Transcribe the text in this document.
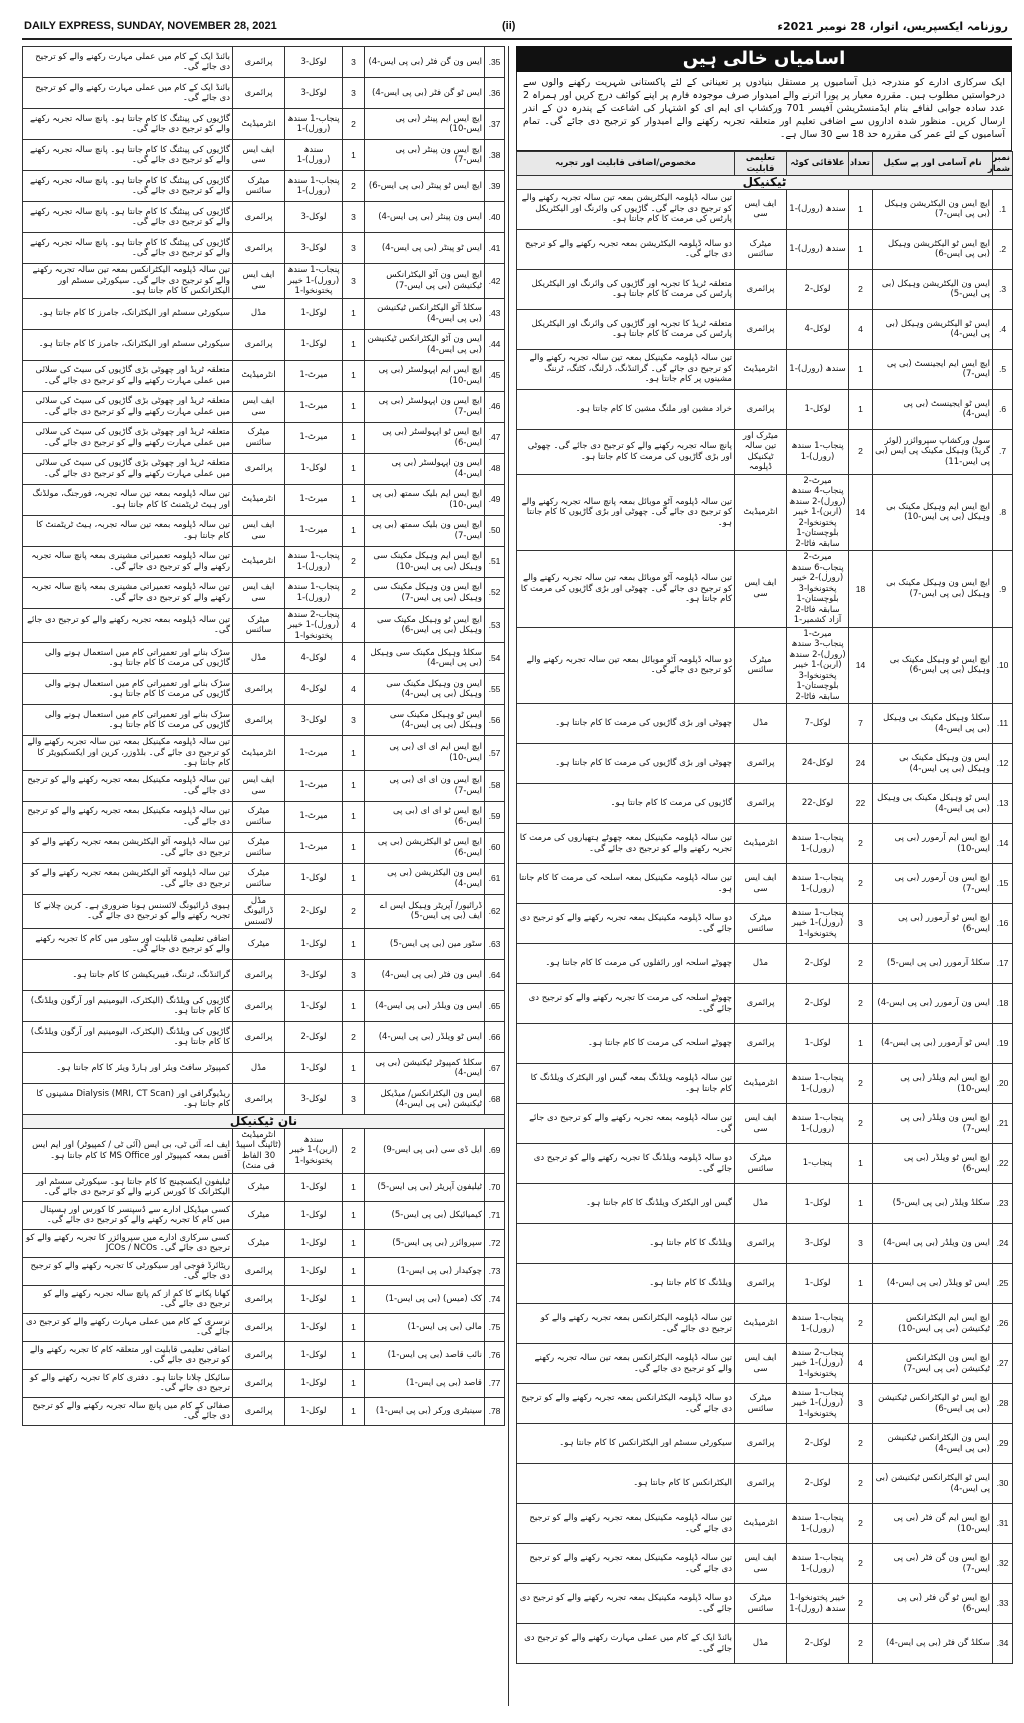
DAILY EXPRESS, SUNDAY, NOVEMBER 28, 2021	(ii)	روزنامہ ایکسپریس، اتوار، 28 نومبر 2021ء
35.	ایس ون گن فٹر (بی پی ایس-4)	3	لوکل-3	پرائمری	بائنڈ ایک کے کام میں عملی مہارت رکھنے والے کو ترجیح دی جائے گی۔
36.	ایس ٹو گن فٹر (بی پی ایس-4)	3	لوکل-3	پرائمری	بائنڈ ایک کے کام میں عملی مہارت رکھنے والے کو ترجیح دی جائے گی۔
37.	ایچ ایس ایم پینٹر (بی پی ایس-10)	2	پنجاب-1 سندھ (رورل)-1	انٹرمیڈیٹ	گاڑیوں کی پینٹنگ کا کام جانتا ہو۔ پانچ سالہ تجربہ رکھنے والے کو ترجیح دی جائے گی۔
38.	ایچ ایس ون پینٹر (بی پی ایس-7)	1	سندھ (رورل)-1	ایف ایس سی	گاڑیوں کی پینٹنگ کا کام جانتا ہو۔ پانچ سالہ تجربہ رکھنے والے کو ترجیح دی جائے گی۔
39.	ایچ ایس ٹو پینٹر (بی پی ایس-6)	2	پنجاب-1 سندھ (رورل)-1	میٹرک سائنس	گاڑیوں کی پینٹنگ کا کام جانتا ہو۔ پانچ سالہ تجربہ رکھنے والے کو ترجیح دی جائے گی۔
40.	ایس ون پینٹر (بی پی ایس-4)	3	لوکل-3	پرائمری	گاڑیوں کی پینٹنگ کا کام جانتا ہو۔ پانچ سالہ تجربہ رکھنے والے کو ترجیح دی جائے گی۔
41.	ایس ٹو پینٹر (بی پی ایس-4)	3	لوکل-3	پرائمری	گاڑیوں کی پینٹنگ کا کام جانتا ہو۔ پانچ سالہ تجربہ رکھنے والے کو ترجیح دی جائے گی۔
42.	ایچ ایس ون آٹو الیکٹرانکس ٹیکنیشن (بی پی ایس-7)	3	پنجاب-1 سندھ (رورل)-1 خیبر پختونخوا-1	ایف ایس سی	تین سالہ ڈپلومہ الیکٹرانکس بمعہ تین سالہ تجربہ رکھنے والے کو ترجیح دی جائے گی۔ سیکورٹی سسٹم اور الیکٹرانکس کا کام جانتا ہو۔
43.	سکلڈ آٹو الیکٹرانکس ٹیکنیشن (بی پی ایس-4)	1	لوکل-1	مڈل	سیکورٹی سسٹم اور الیکٹرانک، جامرز کا کام جانتا ہو۔
44.	ایس ون آٹو الیکٹرانکس ٹیکنیشن (بی پی ایس-4)	1	لوکل-1	پرائمری	سیکورٹی سسٹم اور الیکٹرانک، جامرز کا کام جانتا ہو۔
45.	ایچ ایس ایم اپہولسٹر (بی پی ایس-10)	1	میرٹ-1	انٹرمیڈیٹ	متعلقہ ٹریڈ اور چھوٹی بڑی گاڑیوں کی سیٹ کی سلائی میں عملی مہارت رکھنے والے کو ترجیح دی جائے گی۔
46.	ایچ ایس ون اپہولسٹر (بی پی ایس-7)	1	میرٹ-1	ایف ایس سی	متعلقہ ٹریڈ اور چھوٹی بڑی گاڑیوں کی سیٹ کی سلائی میں عملی مہارت رکھنے والے کو ترجیح دی جائے گی۔
47.	ایچ ایس ٹو اپہولسٹر (بی پی ایس-6)	1	میرٹ-1	میٹرک سائنس	متعلقہ ٹریڈ اور چھوٹی بڑی گاڑیوں کی سیٹ کی سلائی میں عملی مہارت رکھنے والے کو ترجیح دی جائے گی۔
48.	ایس ون اپہولسٹر (بی پی ایس-4)	1	لوکل-1	پرائمری	متعلقہ ٹریڈ اور چھوٹی بڑی گاڑیوں کی سیٹ کی سلائی میں عملی مہارت رکھنے والے کو ترجیح دی جائے گی۔
49.	ایچ ایس ایم بلیک سمتھ (بی پی ایس-10)	1	میرٹ-1	انٹرمیڈیٹ	تین سالہ ڈپلومہ بمعہ تین سالہ تجربہ، فورجنگ، مولڈنگ اور ہیٹ ٹریٹمنٹ کا کام جانتا ہو۔
50.	ایچ ایس ون بلیک سمتھ (بی پی ایس-7)	1	میرٹ-1	ایف ایس سی	تین سالہ ڈپلومہ بمعہ تین سالہ تجربہ، ہیٹ ٹریٹمنٹ کا کام جانتا ہو۔
51.	ایچ ایس ایم وہیکل مکینک سی وہیکل (بی پی ایس-10)	2	پنجاب-1 سندھ (رورل)-1	انٹرمیڈیٹ	تین سالہ ڈپلومہ تعمیراتی مشینری بمعہ پانچ سالہ تجربہ رکھنے والے کو ترجیح دی جائے گی۔
52.	ایچ ایس ون وہیکل مکینک سی وہیکل (بی پی ایس-7)	2	پنجاب-1 سندھ (رورل)-1	ایف ایس سی	تین سالہ ڈپلومہ تعمیراتی مشینری بمعہ پانچ سالہ تجربہ رکھنے والے کو ترجیح دی جائے گی۔
53.	ایچ ایس ٹو وہیکل مکینک سی وہیکل (بی پی ایس-6)	4	پنجاب-2 سندھ (رورل)-1 خیبر پختونخوا-1	میٹرک سائنس	تین سالہ ڈپلومہ بمعہ تجربہ رکھنے والے کو ترجیح دی جائے گی۔
54.	سکلڈ وہیکل مکینک سی وہیکل (بی پی ایس-4)	4	لوکل-4	مڈل	سڑک بنانے اور تعمیراتی کام میں استعمال ہونے والی گاڑیوں کی مرمت کا کام جانتا ہو۔
55.	ایس ون وہیکل مکینک سی وہیکل (بی پی ایس-4)	4	لوکل-4	پرائمری	سڑک بنانے اور تعمیراتی کام میں استعمال ہونے والی گاڑیوں کی مرمت کا کام جانتا ہو۔
56.	ایس ٹو وہیکل مکینک سی وہیکل (بی پی ایس-4)	3	لوکل-3	پرائمری	سڑک بنانے اور تعمیراتی کام میں استعمال ہونے والی گاڑیوں کی مرمت کا کام جانتا ہو۔
57.	ایچ ایس ایم ای ای (بی پی ایس-10)	1	میرٹ-1	انٹرمیڈیٹ	تین سالہ ڈپلومہ مکینیکل بمعہ تین سالہ تجربہ رکھنے والے کو ترجیح دی جائے گی۔ بلڈوزر، کرین اور ایکسکیویٹر کا کام جانتا ہو۔
58.	ایچ ایس ون ای ای (بی پی ایس-7)	1	میرٹ-1	ایف ایس سی	تین سالہ ڈپلومہ مکینیکل بمعہ تجربہ رکھنے والے کو ترجیح دی جائے گی۔
59.	ایچ ایس ٹو ای ای (بی پی ایس-6)	1	میرٹ-1	میٹرک سائنس	تین سالہ ڈپلومہ مکینیکل بمعہ تجربہ رکھنے والے کو ترجیح دی جائے گی۔
60.	ایچ ایس ٹو الیکٹریشن (بی پی ایس-6)	1	میرٹ-1	میٹرک سائنس	تین سالہ ڈپلومہ آٹو الیکٹریشن بمعہ تجربہ رکھنے والے کو ترجیح دی جائے گی۔
61.	ایس ون الیکٹریشن (بی پی ایس-4)	1	لوکل-1	میٹرک سائنس	تین سالہ ڈپلومہ آٹو الیکٹریشن بمعہ تجربہ رکھنے والے کو ترجیح دی جائے گی۔
62.	ڈرائیور/ آپریٹر وہیکل ایس اے ایف (بی پی ایس-5)	2	لوکل-2	مڈل ڈرائیونگ لائسنس	ہیوی ڈرائیونگ لائسنس ہونا ضروری ہے۔ کرین چلانے کا تجربہ رکھنے والے کو ترجیح دی جائے گی۔
63.	سٹور مین (بی پی ایس-5)	1	لوکل-1	میٹرک	اضافی تعلیمی قابلیت اور سٹور میں کام کا تجربہ رکھنے والے کو ترجیح دی جائے گی۔
64.	ایس ون فٹر (بی پی ایس-4)	3	لوکل-3	پرائمری	گرائنڈنگ، ٹرننگ، فیبریکیشن کا کام جانتا ہو۔
65.	ایس ون ویلڈر (بی پی ایس-4)	1	لوکل-1	پرائمری	گاڑیوں کی ویلڈنگ (الیکٹرک، الیومینیم اور آرگون ویلڈنگ) کا کام جانتا ہو۔
66.	ایس ٹو ویلڈر (بی پی ایس-4)	2	لوکل-2	پرائمری	گاڑیوں کی ویلڈنگ (الیکٹرک، الیومینیم اور آرگون ویلڈنگ) کا کام جانتا ہو۔
67.	سکلڈ کمپیوٹر ٹیکنیشن (بی پی ایس-4)	1	لوکل-1	مڈل	کمپیوٹر سافٹ ویئر اور ہارڈ ویئر کا کام جانتا ہو۔
68.	ایس ون الیکٹرانکس/ میڈیکل ٹیکنیشن (بی پی ایس-4)	3	لوکل-3	پرائمری	ریڈیوگرافی اور Dialysis (MRI, CT Scan) مشینوں کا کام جانتا ہو۔
نان ٹیکنیکل					
69.	ایل ڈی سی (بی پی ایس-9)	2	سندھ (اربن)-1 خیبر پختونخوا-1	انٹرمیڈیٹ (ٹائپنگ اسپیڈ 30 الفاظ فی منٹ)	ایف اے، آئی ٹی، بی ایس (آئی ٹی / کمپیوٹر) اور ایم ایس آفس بمعہ کمپیوٹر اور MS Office کا کام جانتا ہو۔
70.	ٹیلیفون آپریٹر (بی پی ایس-5)	1	لوکل-1	میٹرک	ٹیلیفون ایکسچینج کا کام جانتا ہو۔ سیکورٹی سسٹم اور الیکٹرانک کا کورس کرنے والے کو ترجیح دی جائے گی۔
71.	کیمیائیکل (بی پی ایس-5)	1	لوکل-1	میٹرک	کسی میڈیکل ادارے سے ڈسپنسر کا کورس اور ہسپتال میں کام کا تجربہ رکھنے والے کو ترجیح دی جائے گی۔
72.	سپروائزر (بی پی ایس-5)	1	لوکل-1	میٹرک	کسی سرکاری ادارے میں سپروائزر کا تجربہ رکھنے والے کو ترجیح دی جائے گی۔ JCOs / NCOs
73.	چوکیدار (بی پی ایس-1)	1	لوکل-1	پرائمری	ریٹائرڈ فوجی اور سیکورٹی کا تجربہ رکھنے والے کو ترجیح دی جائے گی۔
74.	کک (میس) (بی پی ایس-1)	1	لوکل-1	پرائمری	کھانا پکانے کا کم از کم پانچ سالہ تجربہ رکھنے والے کو ترجیح دی جائے گی۔
75.	مالی (بی پی ایس-1)	1	لوکل-1	پرائمری	نرسری کے کام میں عملی مہارت رکھنے والے کو ترجیح دی جائے گی۔
76.	نائب قاصد (بی پی ایس-1)	1	لوکل-1	پرائمری	اضافی تعلیمی قابلیت اور متعلقہ کام کا تجربہ رکھنے والے کو ترجیح دی جائے گی۔
77.	قاصد (بی پی ایس-1)	1	لوکل-1	پرائمری	سائیکل چلانا جانتا ہو۔ دفتری کام کا تجربہ رکھنے والے کو ترجیح دی جائے گی۔
78.	سینیٹری ورکر (بی پی ایس-1)	1	لوکل-1	پرائمری	صفائی کے کام میں پانچ سالہ تجربہ رکھنے والے کو ترجیح دی جائے گی۔
اسامیاں خالی ہیں
ایک سرکاری ادارے کو مندرجہ ذیل آسامیوں پر مستقل بنیادوں پر تعیناتی کے لئے پاکستانی شہریت رکھنے والوں سے درخواستیں مطلوب ہیں۔ مقررہ معیار پر پورا اترنے والے امیدوار صرف موجودہ فارم پر اپنے کوائف درج کریں اور ہمراہ 2 عدد سادہ جوابی لفافے بنام ایڈمنسٹریشن آفیسر 701 ورکشاپ ای ایم ای کو اشتہار کی اشاعت کے پندرہ دن کے اندر ارسال کریں۔ منظور شدہ اداروں سے اضافی تعلیم اور متعلقہ تجربہ رکھنے والے امیدوار کو ترجیح دی جائے گی۔ تمام آسامیوں کے لئے عمر کی مقررہ حد 18 سے 30 سال ہے۔
نمبر شمار	نام آسامی اور پے سکیل	تعداد	علاقائی کوٹہ	تعلیمی قابلیت	مخصوص/اضافی قابلیت اور تجربہ
ٹیکنیکل					
1.	ایچ ایس ون الیکٹریشن وہیکل (بی پی ایس-7)	1	سندھ (رورل)-1	ایف ایس سی	تین سالہ ڈپلومہ الیکٹریشن بمعہ تین سالہ تجربہ رکھنے والے کو ترجیح دی جائے گی۔ گاڑیوں کی وائرنگ اور الیکٹریکل پارٹس کی مرمت کا کام جانتا ہو۔
2.	ایچ ایس ٹو الیکٹریشن وہیکل (بی پی ایس-6)	1	سندھ (رورل)-1	میٹرک سائنس	دو سالہ ڈپلومہ الیکٹریشن بمعہ تجربہ رکھنے والے کو ترجیح دی جائے گی۔
3.	ایس ون الیکٹریشن وہیکل (بی پی ایس-5)	2	لوکل-2	پرائمری	متعلقہ ٹریڈ کا تجربہ اور گاڑیوں کی وائرنگ اور الیکٹریکل پارٹس کی مرمت کا کام جانتا ہو۔
4.	ایس ٹو الیکٹریشن وہیکل (بی پی ایس-4)	4	لوکل-4	پرائمری	متعلقہ ٹریڈ کا تجربہ اور گاڑیوں کی وائرنگ اور الیکٹریکل پارٹس کی مرمت کا کام جانتا ہو۔
5.	ایچ ایس ایم ایجینسٹ (بی پی ایس-7)	1	سندھ (رورل)-1	انٹرمیڈیٹ	تین سالہ ڈپلومہ مکینیکل بمعہ تین سالہ تجربہ رکھنے والے کو ترجیح دی جائے گی۔ گرائنڈنگ، ڈرلنگ، کٹنگ، ٹرننگ مشینوں پر کام جانتا ہو۔
6.	ایس ٹو ایجینسٹ (بی پی ایس-4)	1	لوکل-1	پرائمری	خراد مشین اور ملنگ مشین کا کام جانتا ہو۔
7.	سول ورکشاپ سپروائزر (لوئر گریڈ) وہیکل مکینک پی ایس (بی پی ایس-11)	2	پنجاب-1 سندھ (رورل)-1	میٹرک اور تین سالہ ٹیکنیکل ڈپلومہ	پانچ سالہ تجربہ رکھنے والے کو ترجیح دی جائے گی۔ چھوٹی اور بڑی گاڑیوں کی مرمت کا کام جانتا ہو۔
8.	ایچ ایس ایم وہیکل مکینک بی وہیکل (بی پی ایس-10)	14	میرٹ-2 پنجاب-4 سندھ (رورل)-2 سندھ (اربن)-1 خیبر پختونخوا-2 بلوچستان-1 سابقہ فاٹا-2	انٹرمیڈیٹ	تین سالہ ڈپلومہ آٹو موبائل بمعہ پانچ سالہ تجربہ رکھنے والے کو ترجیح دی جائے گی۔ چھوٹی اور بڑی گاڑیوں کا کام جانتا ہو۔
9.	ایچ ایس ون وہیکل مکینک بی وہیکل (بی پی ایس-7)	18	میرٹ-2 پنجاب-6 سندھ (رورل)-2 خیبر پختونخوا-3 بلوچستان-1 سابقہ فاٹا-2 آزاد کشمیر-1	ایف ایس سی	تین سالہ ڈپلومہ آٹو موبائل بمعہ تین سالہ تجربہ رکھنے والے کو ترجیح دی جائے گی۔ چھوٹی اور بڑی گاڑیوں کی مرمت کا کام جانتا ہو۔
10.	ایچ ایس ٹو وہیکل مکینک بی وہیکل (بی پی ایس-6)	14	میرٹ-1 پنجاب-3 سندھ (رورل)-2 سندھ (اربن)-1 خیبر پختونخوا-3 بلوچستان-1 سابقہ فاٹا-2	میٹرک سائنس	دو سالہ ڈپلومہ آٹو موبائل بمعہ تین سالہ تجربہ رکھنے والے کو ترجیح دی جائے گی۔
11.	سکلڈ وہیکل مکینک بی وہیکل (بی پی ایس-4)	7	لوکل-7	مڈل	چھوٹی اور بڑی گاڑیوں کی مرمت کا کام جانتا ہو۔
12.	ایس ون وہیکل مکینک بی وہیکل (بی پی ایس-4)	24	لوکل-24	پرائمری	چھوٹی اور بڑی گاڑیوں کی مرمت کا کام جانتا ہو۔
13.	ایس ٹو وہیکل مکینک بی وہیکل (بی پی ایس-4)	22	لوکل-22	پرائمری	گاڑیوں کی مرمت کا کام جانتا ہو۔
14.	ایچ ایس ایم آرمورر (بی پی ایس-10)	2	پنجاب-1 سندھ (رورل)-1	انٹرمیڈیٹ	تین سالہ ڈپلومہ مکینیکل بمعہ چھوٹے ہتھیاروں کی مرمت کا تجربہ رکھنے والے کو ترجیح دی جائے گی۔
15.	ایچ ایس ون آرمورر (بی پی ایس-7)	2	پنجاب-1 سندھ (رورل)-1	ایف ایس سی	تین سالہ ڈپلومہ مکینیکل بمعہ اسلحہ کی مرمت کا کام جانتا ہو۔
16.	ایچ ایس ٹو آرمورر (بی پی ایس-6)	3	پنجاب-1 سندھ (رورل)-1 خیبر پختونخوا-1	میٹرک سائنس	دو سالہ ڈپلومہ مکینیکل بمعہ تجربہ رکھنے والے کو ترجیح دی جائے گی۔
17.	سکلڈ آرمورر (بی پی ایس-5)	2	لوکل-2	مڈل	چھوٹے اسلحہ اور رائفلوں کی مرمت کا کام جانتا ہو۔
18.	ایس ون آرمورر (بی پی ایس-4)	2	لوکل-2	پرائمری	چھوٹے اسلحہ کی مرمت کا تجربہ رکھنے والے کو ترجیح دی جائے گی۔
19.	ایس ٹو آرمورر (بی پی ایس-4)	1	لوکل-1	پرائمری	چھوٹے اسلحہ کی مرمت کا کام جانتا ہو۔
20.	ایچ ایس ایم ویلڈر (بی پی ایس-10)	2	پنجاب-1 سندھ (رورل)-1	انٹرمیڈیٹ	تین سالہ ڈپلومہ ویلڈنگ بمعہ گیس اور الیکٹرک ویلڈنگ کا کام جانتا ہو۔
21.	ایچ ایس ون ویلڈر (بی پی ایس-7)	2	پنجاب-1 سندھ (رورل)-1	ایف ایس سی	تین سالہ ڈپلومہ بمعہ تجربہ رکھنے والے کو ترجیح دی جائے گی۔
22.	ایچ ایس ٹو ویلڈر (بی پی ایس-6)	1	پنجاب-1	میٹرک سائنس	دو سالہ ڈپلومہ ویلڈنگ کا تجربہ رکھنے والے کو ترجیح دی جائے گی۔
23.	سکلڈ ویلڈر (بی پی ایس-5)	1	لوکل-1	مڈل	گیس اور الیکٹرک ویلڈنگ کا کام جانتا ہو۔
24.	ایس ون ویلڈر (بی پی ایس-4)	3	لوکل-3	پرائمری	ویلڈنگ کا کام جانتا ہو۔
25.	ایس ٹو ویلڈر (بی پی ایس-4)	1	لوکل-1	پرائمری	ویلڈنگ کا کام جانتا ہو۔
26.	ایچ ایس ایم الیکٹرانکس ٹیکنیشن (بی پی ایس-10)	2	پنجاب-1 سندھ (رورل)-1	انٹرمیڈیٹ	تین سالہ ڈپلومہ الیکٹرانکس بمعہ تجربہ رکھنے والے کو ترجیح دی جائے گی۔
27.	ایچ ایس ون الیکٹرانکس ٹیکنیشن (بی پی ایس-7)	4	پنجاب-2 سندھ (رورل)-1 خیبر پختونخوا-1	ایف ایس سی	تین سالہ ڈپلومہ الیکٹرانکس بمعہ تین سالہ تجربہ رکھنے والے کو ترجیح دی جائے گی۔
28.	ایچ ایس ٹو الیکٹرانکس ٹیکنیشن (بی پی ایس-6)	3	پنجاب-1 سندھ (رورل)-1 خیبر پختونخوا-1	میٹرک سائنس	دو سالہ ڈپلومہ الیکٹرانکس بمعہ تجربہ رکھنے والے کو ترجیح دی جائے گی۔
29.	ایس ون الیکٹرانکس ٹیکنیشن (بی پی ایس-4)	2	لوکل-2	پرائمری	سیکورٹی سسٹم اور الیکٹرانکس کا کام جانتا ہو۔
30.	ایس ٹو الیکٹرانکس ٹیکنیشن (بی پی ایس-4)	2	لوکل-2	پرائمری	الیکٹرانکس کا کام جانتا ہو۔
31.	ایچ ایس ایم گن فٹر (بی پی ایس-10)	2	پنجاب-1 سندھ (رورل)-1	انٹرمیڈیٹ	تین سالہ ڈپلومہ مکینیکل بمعہ تجربہ رکھنے والے کو ترجیح دی جائے گی۔
32.	ایچ ایس ون گن فٹر (بی پی ایس-7)	2	پنجاب-1 سندھ (رورل)-1	ایف ایس سی	تین سالہ ڈپلومہ مکینیکل بمعہ تجربہ رکھنے والے کو ترجیح دی جائے گی۔
33.	ایچ ایس ٹو گن فٹر (بی پی ایس-6)	2	خیبر پختونخوا-1 سندھ (رورل)-1	میٹرک سائنس	دو سالہ ڈپلومہ مکینیکل بمعہ تجربہ رکھنے والے کو ترجیح دی جائے گی۔
34.	سکلڈ گن فٹر (بی پی ایس-4)	2	لوکل-2	مڈل	بائنڈ ایک کے کام میں عملی مہارت رکھنے والے کو ترجیح دی جائے گی۔
